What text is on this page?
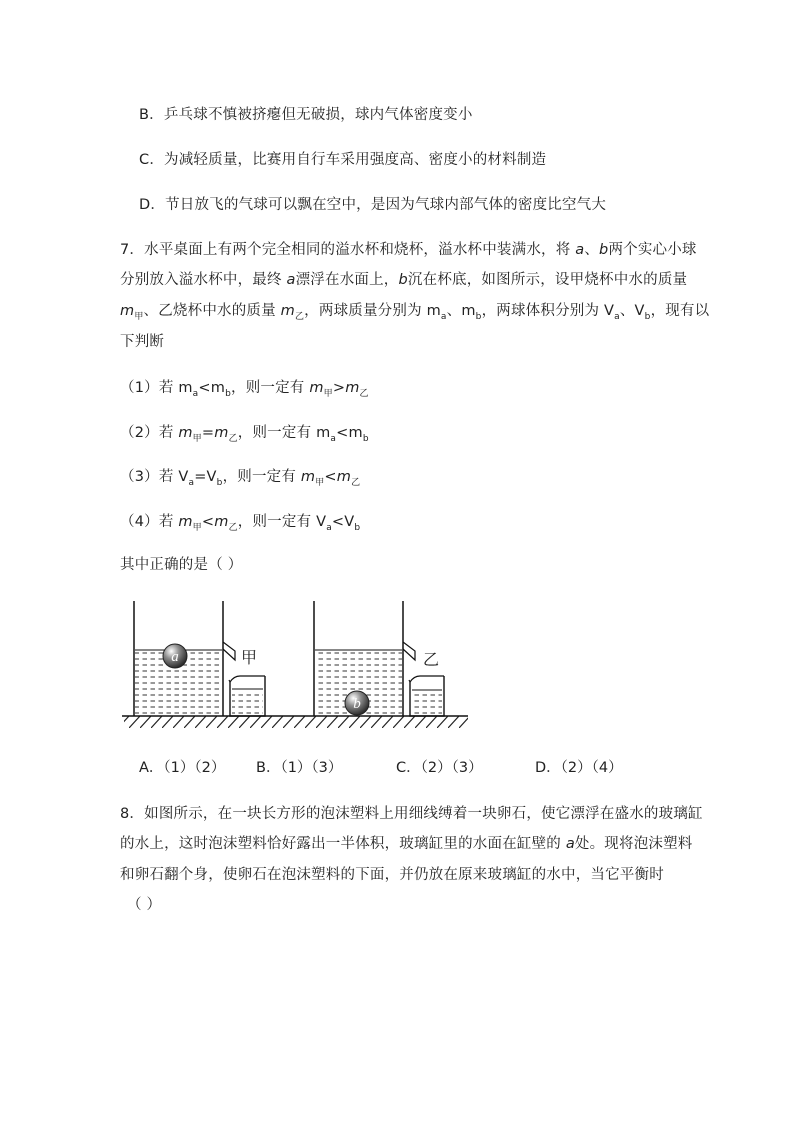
B．乒乓球不慎被挤瘪但无破损，球内气体密度变小
C．为减轻质量，比赛用自行车采用强度高、密度小的材料制造
D．节日放飞的气球可以飘在空中，是因为气球内部气体的密度比空气大
7．水平桌面上有两个完全相同的溢水杯和烧杯，溢水杯中装满水，将 a、b两个实心小球
分别放入溢水杯中，最终 a漂浮在水面上，b沉在杯底，如图所示，设甲烧杯中水的质量
$m_甲$、乙烧杯中水的质量 $m_乙$，两球质量分别为 $m_a$、$m_b$，两球体积分别为 $V_a$、$V_b$，现有以
下判断
（1）若 $m_a<m_b$，则一定有 $m_甲>m_乙$
（2）若 $m_甲=m_乙$，则一定有 $m_a<m_b$
（3）若 $V_a=V_b$，则一定有 $m_甲<m_乙$
（4）若 $m_甲<m_乙$，则一定有 $V_a<V_b$
其中正确的是（ ）
a	甲
b
乙
A．（1）（2） B．（1）（3）	C．（2）（3）	D．（2）（4）
8．如图所示，在一块长方形的泡沫塑料上用细线缚着一块卵石，使它漂浮在盛水的玻璃缸
的水上，这时泡沫塑料恰好露出一半体积，玻璃缸里的水面在缸壁的 a处。现将泡沫塑料
和卵石翻个身，使卵石在泡沫塑料的下面，并仍放在原来玻璃缸的水中，当它平衡时
（ ）
